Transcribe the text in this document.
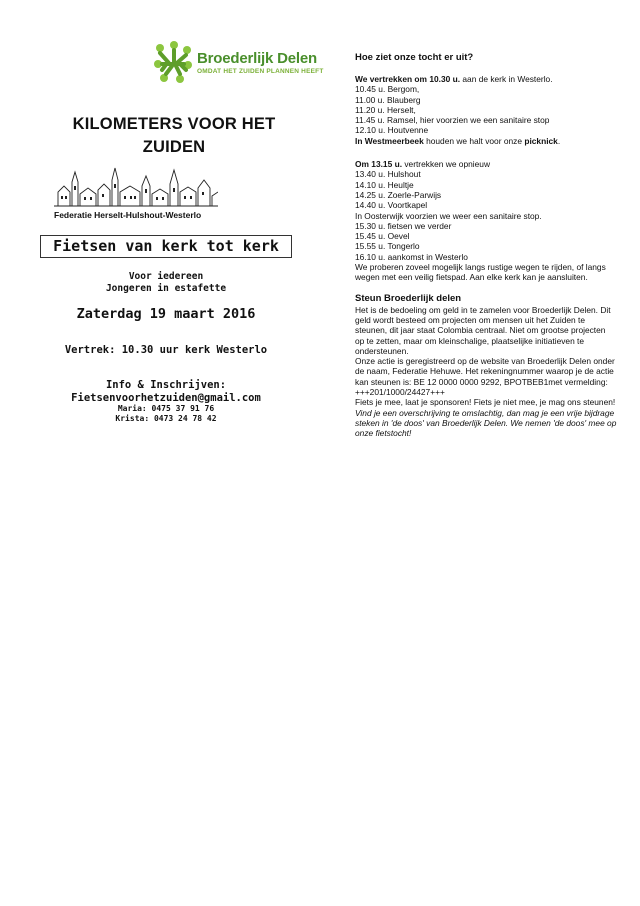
Broederlijk Delen
OMDAT HET ZUIDEN PLANNEN HEEFT
KILOMETERS VOOR HET
ZUIDEN
Federatie Herselt-Hulshout-Westerlo
Fietsen van kerk tot kerk
Voor iedereen
Jongeren in estafette
Zaterdag 19 maart 2016
Vertrek: 10.30 uur kerk Westerlo
Info & Inschrijven:
Fietsenvoorhetzuiden@gmail.com
Maria: 0475 37 91 76
Krista: 0473 24 78 42

Hoe ziet onze tocht er uit?

We vertrekken om 10.30 u. aan de kerk in Westerlo.
10.45 u. Bergom,
11.00 u. Blauberg
11.20 u. Herselt,
11.45 u. Ramsel, hier voorzien we een sanitaire stop
12.10 u. Houtvenne
In Westmeerbeek houden we halt voor onze picknick.
Om 13.15 u. vertrekken we opnieuw
13.40 u. Hulshout
14.10 u. Heultje
14.25 u. Zoerle-Parwijs
14.40 u. Voortkapel
In Oosterwijk voorzien we weer een sanitaire stop.
15.30 u. fietsen we verder
15.45 u. Oevel
15.55 u. Tongerlo
16.10 u. aankomst in Westerlo

We proberen zoveel mogelijk langs rustige wegen te rijden, of langs wegen met een veilig fietspad. Aan elke kerk kan je aansluiten.

Steun Broederlijk delen

Het is de bedoeling om geld in te zamelen voor Broederlijk Delen. Dit geld wordt besteed om projecten om mensen uit het Zuiden te steunen, dit jaar staat Colombia centraal. Niet om grootse projecten op te zetten, maar om kleinschalige, plaatselijke initiatieven te ondersteunen.

Onze actie is geregistreerd op de website van Broederlijk Delen onder de naam, Federatie Hehuwe. Het rekeningnummer waarop je de actie kan steunen is: BE 12 0000 0000 9292, BPOTBEB1met vermelding: +++201/1000/24427+++

Fiets je mee, laat je sponsoren! Fiets je niet mee, je mag ons steunen!

Vind je een overschrijving te omslachtig, dan mag je een vrije bijdrage steken in 'de doos' van Broederlijk Delen. We nemen 'de doos' mee op onze fietstocht!
